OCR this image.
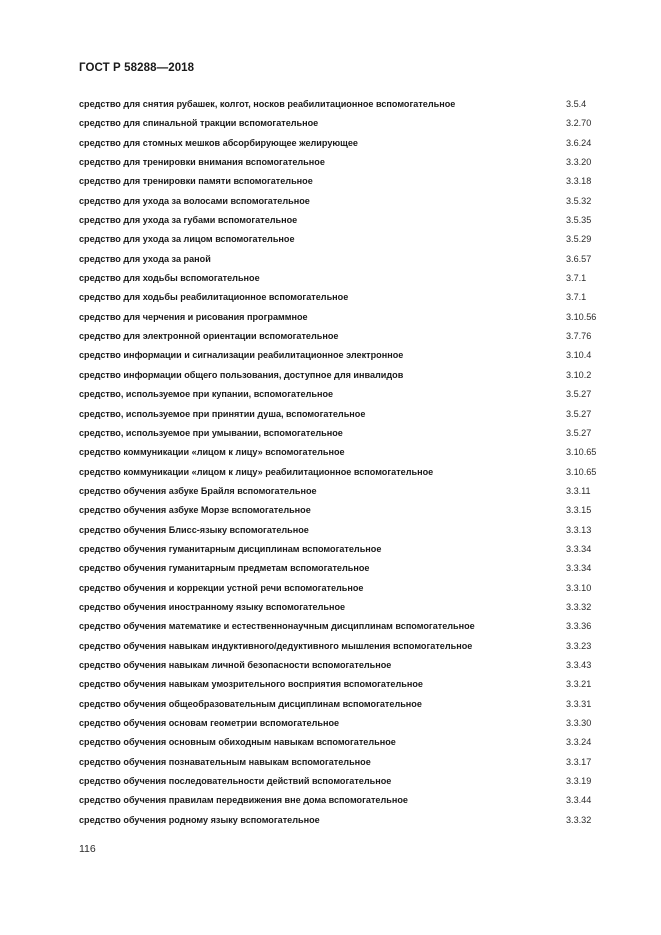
ГОСТ Р 58288—2018
средство для снятия рубашек, колгот, носков реабилитационное вспомогательное	3.5.4
средство для спинальной тракции вспомогательное	3.2.70
средство для стомных мешков абсорбирующее желирующее	3.6.24
средство для тренировки внимания вспомогательное	3.3.20
средство для тренировки памяти вспомогательное	3.3.18
средство для ухода за волосами вспомогательное	3.5.32
средство для ухода за губами вспомогательное	3.5.35
средство для ухода за лицом вспомогательное	3.5.29
средство для ухода за раной	3.6.57
средство для ходьбы вспомогательное	3.7.1
средство для ходьбы реабилитационное вспомогательное	3.7.1
средство для черчения и рисования программное	3.10.56
средство для электронной ориентации вспомогательное	3.7.76
средство информации и сигнализации реабилитационное электронное	3.10.4
средство информации общего пользования, доступное для инвалидов	3.10.2
средство, используемое при купании, вспомогательное	3.5.27
средство, используемое при принятии душа, вспомогательное	3.5.27
средство, используемое при умывании, вспомогательное	3.5.27
средство коммуникации «лицом к лицу» вспомогательное	3.10.65
средство коммуникации «лицом к лицу» реабилитационное вспомогательное	3.10.65
средство обучения азбуке Брайля вспомогательное	3.3.11
средство обучения азбуке Морзе вспомогательное	3.3.15
средство обучения Блисс-языку вспомогательное	3.3.13
средство обучения гуманитарным дисциплинам вспомогательное	3.3.34
средство обучения гуманитарным предметам вспомогательное	3.3.34
средство обучения и коррекции устной речи вспомогательное	3.3.10
средство обучения иностранному языку вспомогательное	3.3.32
средство обучения математике и естественнонаучным дисциплинам вспомогательное	3.3.36
средство обучения навыкам индуктивного/дедуктивного мышления вспомогательное	3.3.23
средство обучения навыкам личной безопасности вспомогательное	3.3.43
средство обучения навыкам умозрительного восприятия вспомогательное	3.3.21
средство обучения общеобразовательным дисциплинам вспомогательное	3.3.31
средство обучения основам геометрии вспомогательное	3.3.30
средство обучения основным обиходным навыкам вспомогательное	3.3.24
средство обучения познавательным навыкам вспомогательное	3.3.17
средство обучения последовательности действий вспомогательное	3.3.19
средство обучения правилам передвижения вне дома вспомогательное	3.3.44
средство обучения родному языку вспомогательное	3.3.32
116
